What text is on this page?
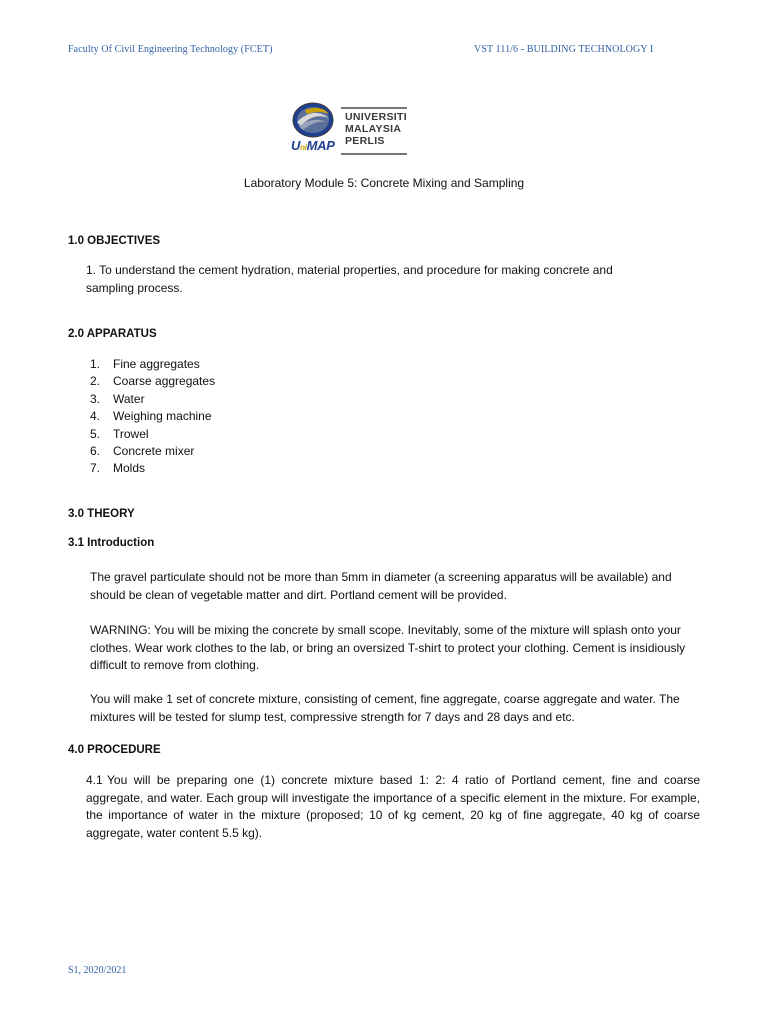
Faculty Of Civil Engineering Technology (FCET)	VST 111/6 - BUILDING TECHNOLOGY I
UNIVERSITI
MALAYSIA
PERLIS
UniMAP
Laboratory Module 5: Concrete Mixing and Sampling
1.0 OBJECTIVES
1. To understand the cement hydration, material properties, and procedure for making concrete and
sampling process.
2.0 APPARATUS
1. Fine aggregates
2. Coarse aggregates
3. Water
4. Weighing machine
5. Trowel
6. Concrete mixer
7. Molds
3.0 THEORY
3.1 Introduction
The gravel particulate should not be more than 5mm in diameter (a screening apparatus will be available) and should be clean of vegetable matter and dirt. Portland cement will be provided.
WARNING: You will be mixing the concrete by small scope. Inevitably, some of the mixture will splash onto your clothes. Wear work clothes to the lab, or bring an oversized T-shirt to protect your clothing. Cement is insidiously difficult to remove from clothing.
You will make 1 set of concrete mixture, consisting of cement, fine aggregate, coarse aggregate and water. The mixtures will be tested for slump test, compressive strength for 7 days and 28 days and etc.
4.0 PROCEDURE
4.1 You will be preparing one (1) concrete mixture based 1: 2: 4 ratio of Portland cement, fine and coarse aggregate, and water. Each group will investigate the importance of a specific element in the mixture. For example, the importance of water in the mixture (proposed; 10 of kg cement, 20 kg of fine aggregate, 40 kg of coarse aggregate, water content 5.5 kg).
S1, 2020/2021
